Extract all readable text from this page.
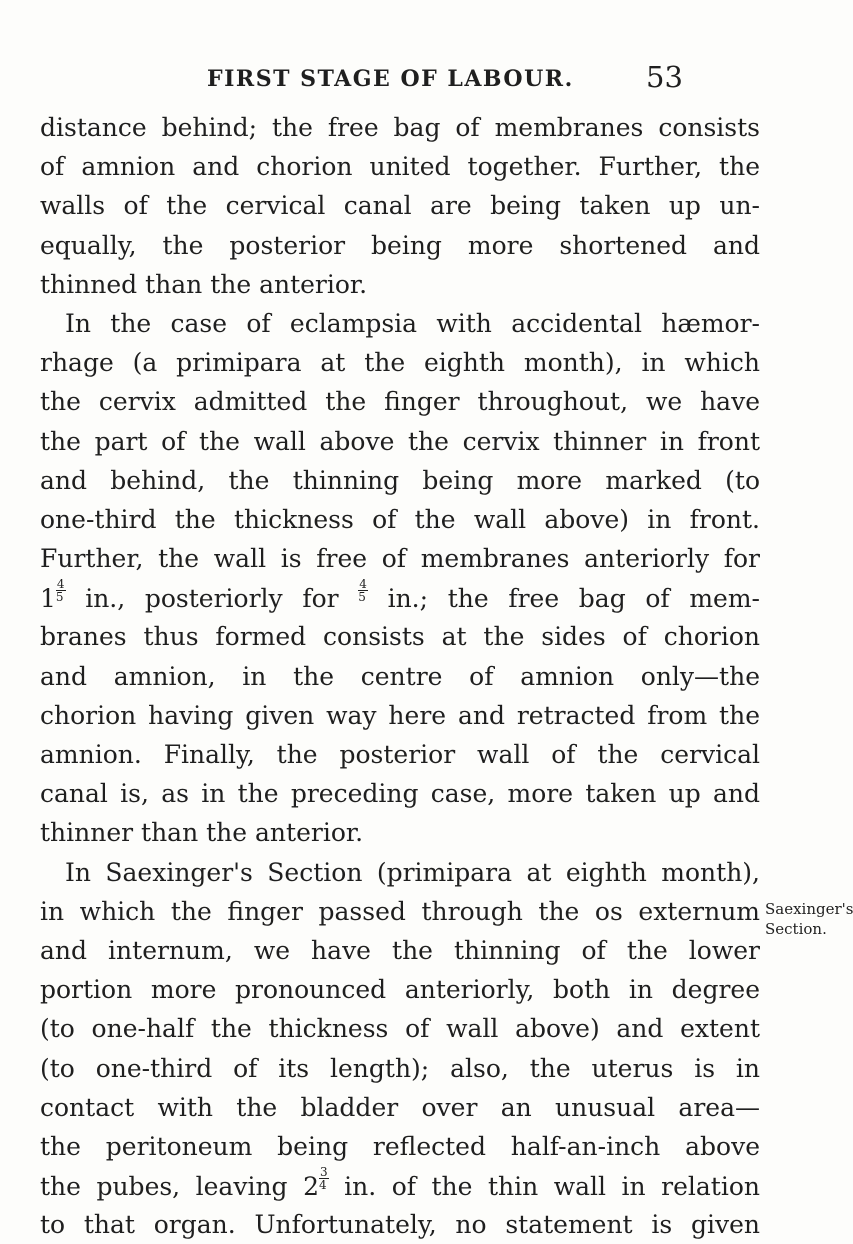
FIRST STAGE OF LABOUR. 53
distance behind; the free bag of membranes consists
of amnion and chorion united together. Further, the
walls of the cervical canal are being taken up un-
equally, the posterior being more shortened and
thinned than the anterior.
In the case of eclampsia with accidental hæmor-
rhage (a primipara at the eighth month), in which
the cervix admitted the finger throughout, we have
the part of the wall above the cervix thinner in front
and behind, the thinning being more marked (to
one-third the thickness of the wall above) in front.
Further, the wall is free of membranes anteriorly for
$1 \frac{4}{5}$ in., posteriorly for $\frac{4}{5}$ in.; the free bag of mem-
branes thus formed consists at the sides of chorion
and amnion, in the centre of amnion only—the
chorion having given way here and retracted from the
amnion. Finally, the posterior wall of the cervical
canal is, as in the preceding case, more taken up and
thinner than the anterior.
In Saexinger's Section (primipara at eighth month),
in which the finger passed through the os externum
and internum, we have the thinning of the lower
portion more pronounced anteriorly, both in degree
(to one-half the thickness of wall above) and extent
(to one-third of its length); also, the uterus is in
contact with the bladder over an unusual area—
the peritoneum being reflected half-an-inch above
the pubes, leaving $2 \frac{3}{4}$ in. of the thin wall in relation
to that organ. Unfortunately, no statement is given
Saexinger's
Section.
